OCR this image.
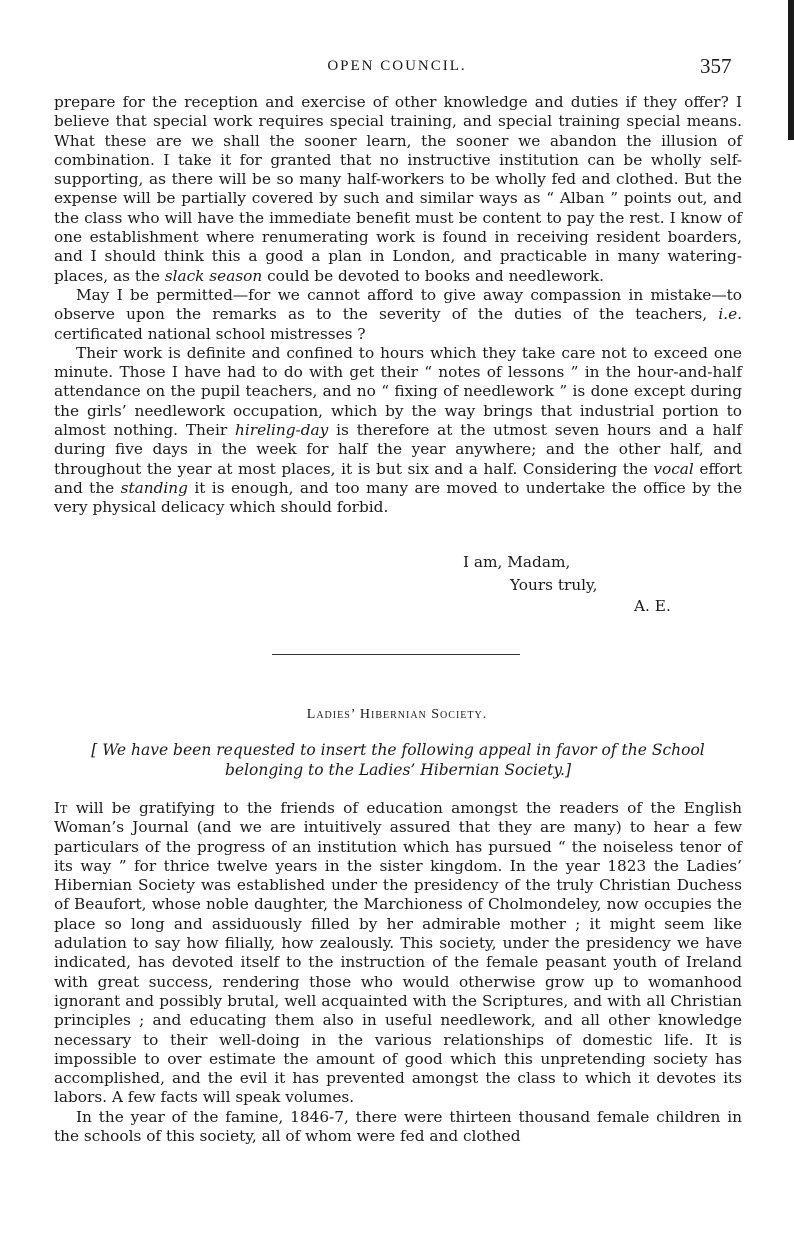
OPEN COUNCIL.	357

prepare for the reception and exercise of other knowledge and duties if they offer? I believe that special work requires special training, and special training special means. What these are we shall the sooner learn, the sooner we abandon the illusion of combination. I take it for granted that no instructive institution can be wholly self-supporting, as there will be so many half-workers to be wholly fed and clothed. But the expense will be partially covered by such and similar ways as “ Alban ” points out, and the class who will have the immediate benefit must be content to pay the rest. I know of one establishment where renumerating work is found in receiving resident boarders, and I should think this a good a plan in London, and practicable in many watering-places, as the slack season could be devoted to books and needlework.

May I be permitted—for we cannot afford to give away compassion in mistake—to observe upon the remarks as to the severity of the duties of the teachers, i.e. certificated national school mistresses ?

Their work is definite and confined to hours which they take care not to exceed one minute. Those I have had to do with get their “ notes of lessons ” in the hour-and-half attendance on the pupil teachers, and no “ fixing of needlework ” is done except during the girls’ needlework occupation, which by the way brings that industrial portion to almost nothing. Their hireling-day is therefore at the utmost seven hours and a half during five days in the week for half the year anywhere; and the other half, and throughout the year at most places, it is but six and a half. Considering the vocal effort and the standing it is enough, and too many are moved to undertake the office by the very physical delicacy which should forbid.

I am, Madam,
Yours truly,
A. E.
Ladies’ Hibernian Society.
[ We have been requested to insert the following appeal in favor of the School belonging to the Ladies’ Hibernian Society.]

It will be gratifying to the friends of education amongst the readers of the English Woman’s Journal (and we are intuitively assured that they are many) to hear a few particulars of the progress of an institution which has pursued “ the noiseless tenor of its way ” for thrice twelve years in the sister kingdom. In the year 1823 the Ladies’ Hibernian Society was established under the presidency of the truly Christian Duchess of Beaufort, whose noble daughter, the Marchioness of Cholmondeley, now occupies the place so long and assiduously filled by her admirable mother ; it might seem like adulation to say how filially, how zealously. This society, under the presidency we have indicated, has devoted itself to the instruction of the female peasant youth of Ireland with great success, rendering those who would otherwise grow up to womanhood ignorant and possibly brutal, well acquainted with the Scriptures, and with all Christian principles ; and educating them also in useful needlework, and all other knowledge necessary to their well-doing in the various relationships of domestic life. It is impossible to over estimate the amount of good which this unpretending society has accomplished, and the evil it has prevented amongst the class to which it devotes its labors. A few facts will speak volumes.

In the year of the famine, 1846-7, there were thirteen thousand female children in the schools of this society, all of whom were fed and clothed
